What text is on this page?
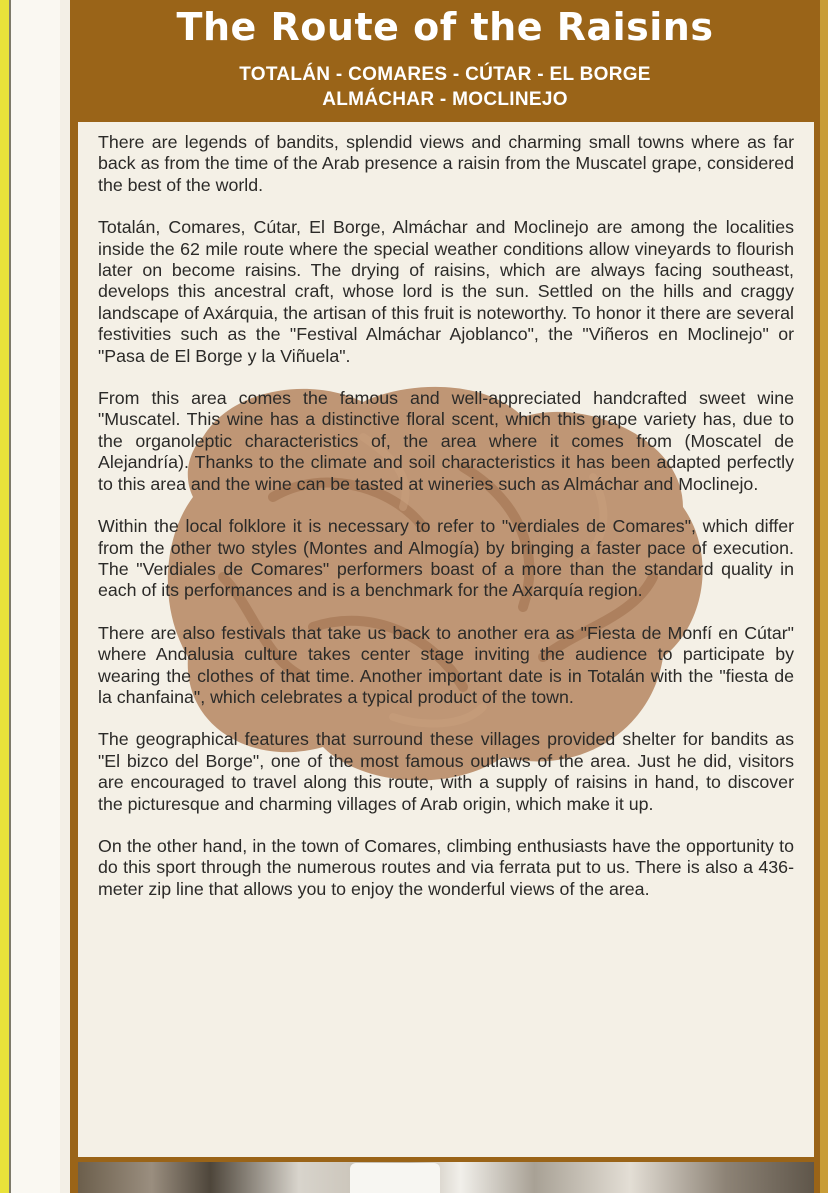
The Route of the Raisins
TOTALÁN - COMARES - CÚTAR - EL BORGE
ALMÁCHAR - MOCLINEJO

There are legends of bandits, splendid views and charming small towns where as far back as from the time of the Arab presence a raisin from the Muscatel grape, considered the best of the world.

Totalán, Comares, Cútar, El Borge, Almáchar and Moclinejo are among the localities inside the 62 mile route where the special weather conditions allow vineyards to flourish later on become raisins. The drying of raisins, which are always facing southeast, develops this ancestral craft, whose lord is the sun. Settled on the hills and craggy landscape of Axárquia, the artisan of this fruit is noteworthy. To honor it there are several festivities such as the "Festival Almáchar Ajoblanco", the "Viñeros en Moclinejo" or "Pasa de El Borge y la Viñuela".

From this area comes the famous and well-appreciated handcrafted sweet wine "Muscatel. This wine has a distinctive floral scent, which this grape variety has, due to the organoleptic characteristics of, the area where it comes from (Moscatel de Alejandría). Thanks to the climate and soil characteristics it has been adapted perfectly to this area and the wine can be tasted at wineries such as Almáchar and Moclinejo.

Within the local folklore it is necessary to refer to "verdiales de Comares", which differ from the other two styles (Montes and Almogía) by bringing a faster pace of execution. The "Verdiales de Comares" performers boast of a more than the standard quality in each of its performances and is a benchmark for the Axarquía region.

There are also festivals that take us back to another era as "Fiesta de Monfí en Cútar" where Andalusia culture takes center stage inviting the audience to participate by wearing the clothes of that time. Another important date is in Totalán with the "fiesta de la chanfaina", which celebrates a typical product of the town.

The geographical features that surround these villages provided shelter for bandits as "El bizco del Borge", one of the most famous outlaws of the area. Just he did, visitors are encouraged to travel along this route, with a supply of raisins in hand, to discover the picturesque and charming villages of Arab origin, which make it up.

On the other hand, in the town of Comares, climbing enthusiasts have the opportunity to do this sport through the numerous routes and via ferrata put to us. There is also a 436-meter zip line that allows you to enjoy the wonderful views of the area.
